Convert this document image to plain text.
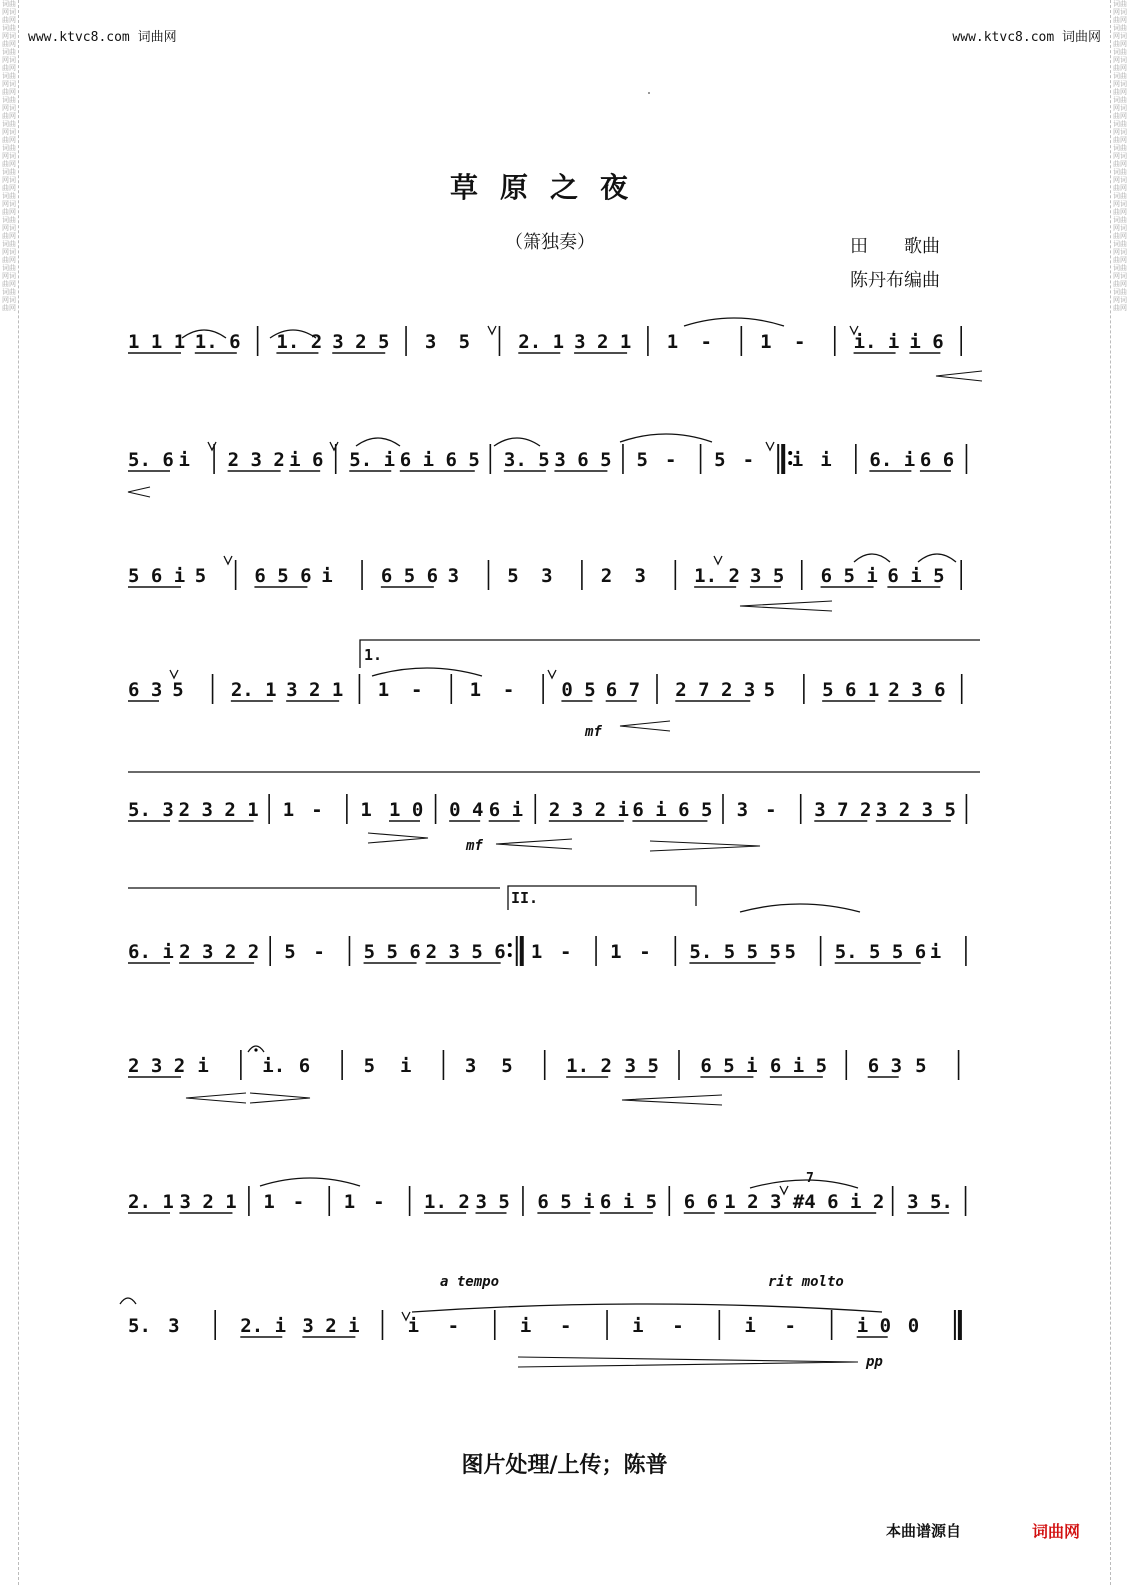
词曲网词曲网词曲网词曲网词曲网词曲网词曲网词曲网词曲网词曲网词曲网词曲网词曲网词曲网词曲网词曲网词曲网词曲网词曲网词曲网词曲网词曲网词曲网词曲网词曲网词曲网
词曲网词曲网词曲网词曲网词曲网词曲网词曲网词曲网词曲网词曲网词曲网词曲网词曲网词曲网词曲网词曲网词曲网词曲网词曲网词曲网词曲网词曲网词曲网词曲网词曲网词曲网
www.ktvc8.com 词曲网	www.ktvc8.com 词曲网
草原之夜
（箫独奏）	田　　歌曲
陈丹布编曲
1 1 1 1. 6 1. 2 3 2 5 3 5	2. 1 3 2 1 1 -	1 -	i. i i 6
5. 6 i 2 3 2 i 6 5. i 6 i 6 5 3. 5 3 6 5 5 - 5 - i i 6. i 6 6
5 6 i 5	6 5 6 i	6 5 6 3	5 3	2 3	1. 2 3 5 6 5 i 6 i 5
6 3 5 2. 1 3 2 1 1 - 1 - 0 5 6 7 2 7 2 3 5 5 6 1 2 3 6
5. 3 2 3 2 1 1 - 1 1 0 0 4 6 i 2 3 2 i 6 i 6 5 3 - 3 7 2 3 2 3 5
6. i 2 3 2 2 5 - 5 5 6 2 3 5 6 1 - 1 - 5. 5 5 5 5 5. 5 5 6 i
2 3 2 i	i. 6	5 i	3 5	1. 2 3 5 6 5 i 6 i 5 6 3 5
2. 1 3 2 1 1 - 1 - 1. 2 3 5 6 5 i 6 i 5 6 6 1 2 3 #4 6 i 2 3 5.
5. 3	2. i 3 2 i	i -	i -	i -	i -	i 0 0
1.
II.
mf
mf
pp
a tempo	rit molto
7
图片处理/上传；陈普
本曲谱源自	词曲网
